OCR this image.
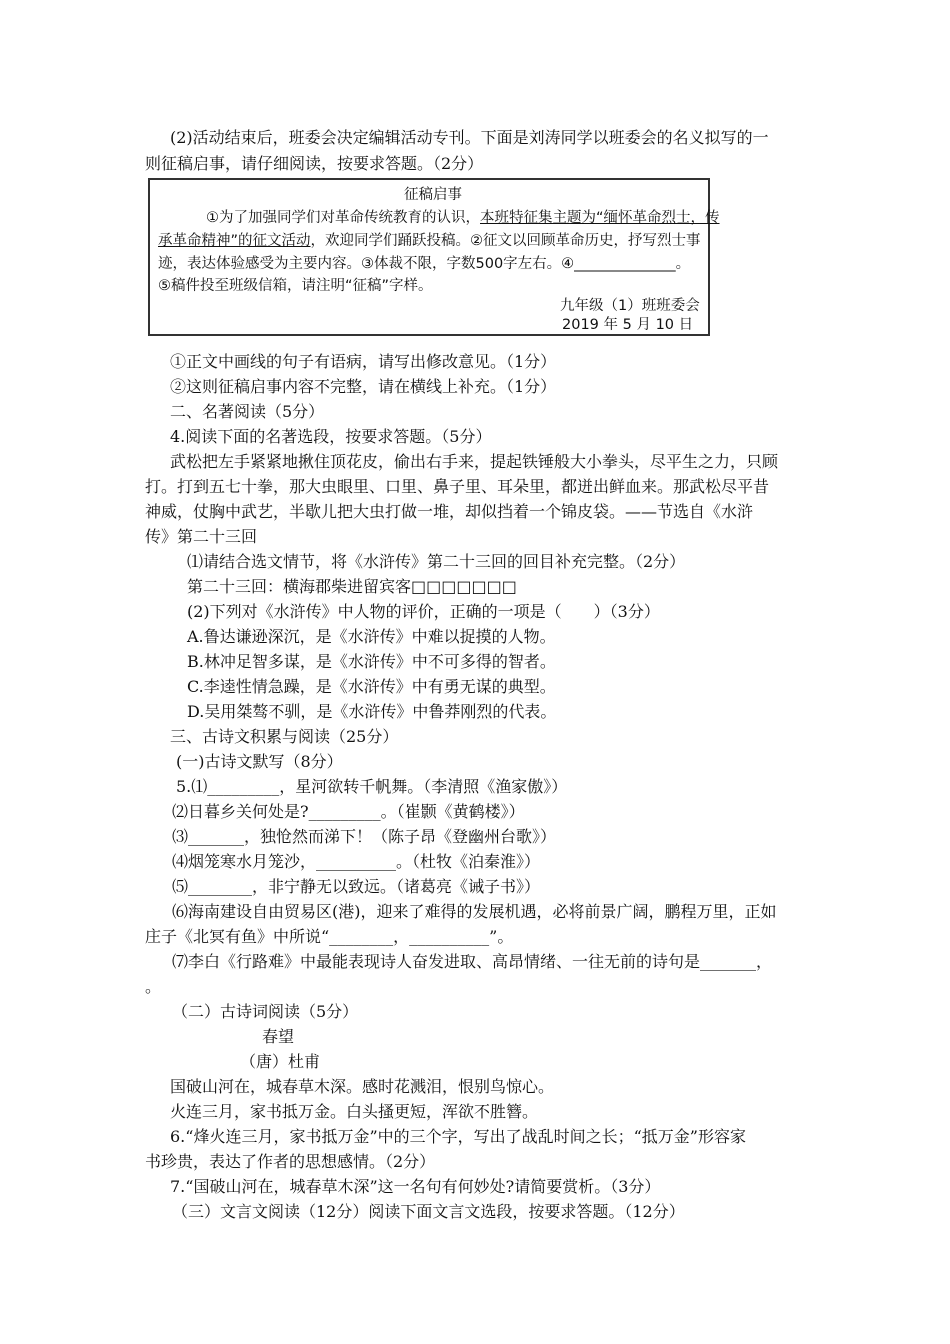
(2)活动结束后，班委会决定编辑活动专刊。下面是刘涛同学以班委会的名义拟写的一
则征稿启事，请仔细阅读，按要求答题。（2分）
征稿启事
①为了加强同学们对革命传统教育的认识，本班特征集主题为“缅怀革命烈士，传
承革命精神”的征文活动，欢迎同学们踊跃投稿。②征文以回顾革命历史，抒写烈士事
迹，表达体验感受为主要内容。③体裁不限，字数500字左右。④______________。
⑤稿件投至班级信箱，请注明“征稿”字样。
九年级（1）班班委会
2019 年 5 月 10 日
①正文中画线的句子有语病，请写出修改意见。（1分）
②这则征稿启事内容不完整，请在横线上补充。（1分）
二、名著阅读（5分）
4.阅读下面的名著选段，按要求答题。（5分）
武松把左手紧紧地揪住顶花皮，偷出右手来，提起铁锤般大小拳头，尽平生之力，只顾
打。打到五七十拳，那大虫眼里、口里、鼻子里、耳朵里，都迸出鲜血来。那武松尽平昔
神威，仗胸中武艺，半歇儿把大虫打做一堆，却似挡着一个锦皮袋。——节选自《水浒
传》第二十三回
⑴请结合选文情节，将《水浒传》第二十三回的回目补充完整。（2分）
第二十三回：横海郡柴进留宾客□□□□□□□
(2)下列对《水浒传》中人物的评价，正确的一项是（　　）（3分）
A.鲁达谦逊深沉，是《水浒传》中难以捉摸的人物。
B.林冲足智多谋，是《水浒传》中不可多得的智者。
C.李逵性情急躁，是《水浒传》中有勇无谋的典型。
D.吴用桀骜不驯，是《水浒传》中鲁莽刚烈的代表。
三、古诗文积累与阅读（25分）
(一)古诗文默写（8分）
5.⑴_________，星河欲转千帆舞。（李清照《渔家傲》）
⑵日暮乡关何处是?_________。（崔颢《黄鹤楼》）
⑶_______，独怆然而涕下！（陈子昂《登幽州台歌》）
⑷烟笼寒水月笼沙，__________。（杜牧《泊秦淮》）
⑸________，非宁静无以致远。（诸葛亮《诫子书》）
⑹海南建设自由贸易区(港)，迎来了难得的发展机遇，必将前景广阔，鹏程万里，正如
庄子《北冥有鱼》中所说“________，__________”。
⑺李白《行路难》中最能表现诗人奋发进取、高昂情绪、一往无前的诗句是_______，
。
（二）古诗词阅读（5分）
春望
（唐）杜甫
国破山河在，城春草木深。感时花溅泪，恨别鸟惊心。
火连三月，家书抵万金。白头搔更短，浑欲不胜簪。
6.“烽火连三月，家书抵万金”中的三个字，写出了战乱时间之长；“抵万金”形容家
书珍贵，表达了作者的思想感情。（2分）
7.“国破山河在，城春草木深”这一名句有何妙处?请简要赏析。（3分）
（三）文言文阅读（12分）阅读下面文言文选段，按要求答题。（12分）
